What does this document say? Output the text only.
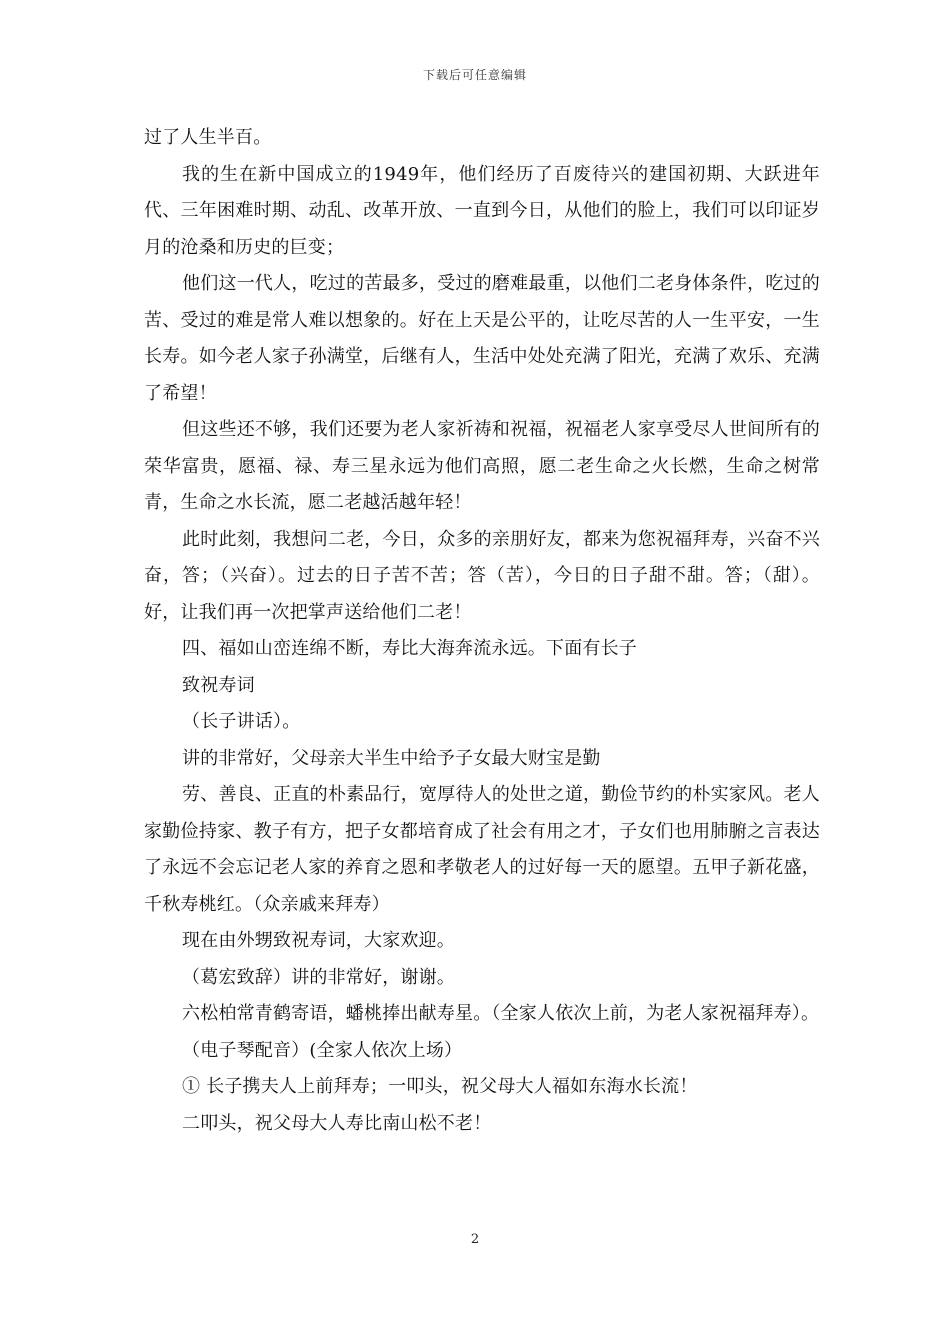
下载后可任意编辑

过了人生半百。

我的生在新中国成立的1949年，他们经历了百废待兴的建国初期、大跃进年代、三年困难时期、动乱、改革开放、一直到今日，从他们的脸上，我们可以印证岁月的沧桑和历史的巨变；

他们这一代人，吃过的苦最多，受过的磨难最重，以他们二老身体条件，吃过的苦、受过的难是常人难以想象的。好在上天是公平的，让吃尽苦的人一生平安，一生长寿。如今老人家子孙满堂，后继有人，生活中处处充满了阳光，充满了欢乐、充满了希望！

但这些还不够，我们还要为老人家祈祷和祝福，祝福老人家享受尽人世间所有的荣华富贵，愿福、禄、寿三星永远为他们高照，愿二老生命之火长燃，生命之树常青，生命之水长流，愿二老越活越年轻！

此时此刻，我想问二老，今日，众多的亲朋好友，都来为您祝福拜寿，兴奋不兴奋，答；（兴奋）。过去的日子苦不苦；答（苦），今日的日子甜不甜。答；（甜）。好，让我们再一次把掌声送给他们二老！

四、福如山峦连绵不断，寿比大海奔流永远。下面有长子

致祝寿词

（长子讲话）。

讲的非常好，父母亲大半生中给予子女最大财宝是勤

劳、善良、正直的朴素品行，宽厚待人的处世之道，勤俭节约的朴实家风。老人家勤俭持家、教子有方，把子女都培育成了社会有用之才，子女们也用肺腑之言表达了永远不会忘记老人家的养育之恩和孝敬老人的过好每一天的愿望。五甲子新花盛，千秋寿桃红。（众亲戚来拜寿）

现在由外甥致祝寿词，大家欢迎。

（葛宏致辞）讲的非常好，谢谢。

六松柏常青鹤寄语，蟠桃捧出献寿星。（全家人依次上前，为老人家祝福拜寿）。

（电子琴配音）(全家人依次上场）

① 长子携夫人上前拜寿；一叩头，祝父母大人福如东海水长流！

二叩头，祝父母大人寿比南山松不老！

2
